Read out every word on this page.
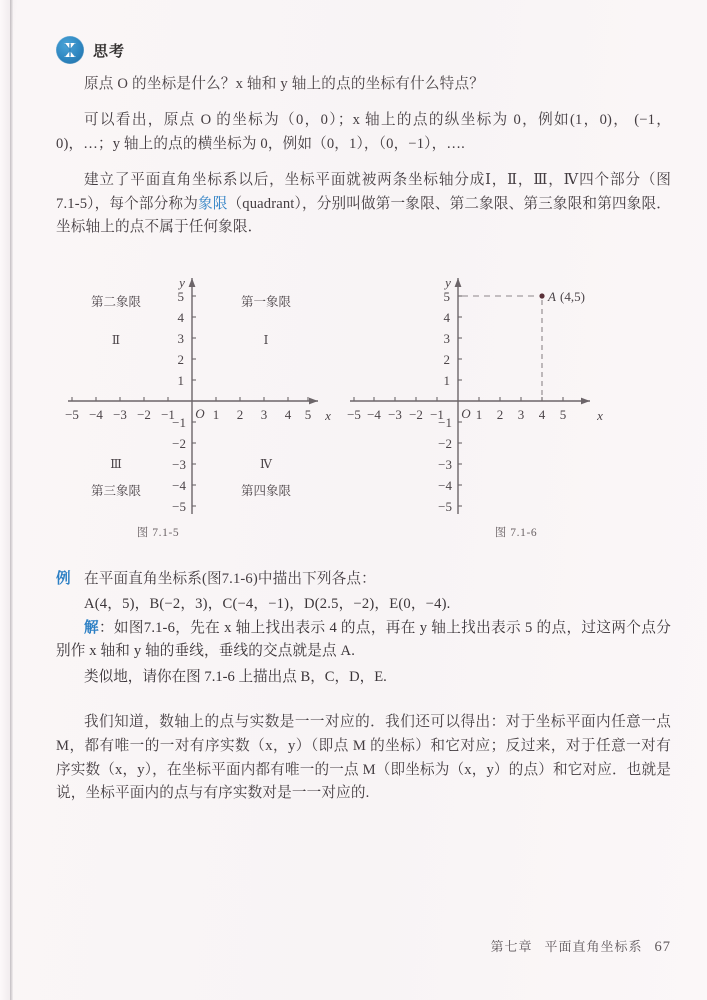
思考
原点 O 的坐标是什么？x 轴和 y 轴上的点的坐标有什么特点？

可以看出，原点 O 的坐标为（0，0）；x 轴上的点的纵坐标为 0，例如(1，0)， (−1，0)，…；y 轴上的点的横坐标为 0，例如（0，1），（0，−1），….

建立了平面直角坐标系以后，坐标平面就被两条坐标轴分成Ⅰ，Ⅱ，Ⅲ，Ⅳ四个部分（图 7.1-5），每个部分称为象限（quadrant），分别叫做第一象限、第二象限、第三象限和第四象限．坐标轴上的点不属于任何象限．

−5 −4 −3 −2 −1	1 2 3 4 5
5
4
3
2
1
−1
−2
−3
−4
−5
x
y
O
第二象限
Ⅱ
第一象限
Ⅰ
Ⅲ
第三象限
Ⅳ
第四象限
图 7.1-5
−5 −4 −3 −2 −1 1 2 3 4 5
5
4
3
2
1
−1
−2
−3
−4
−5
x
y
O
A (4,5)
图 7.1-6
例 在平面直角坐标系(图7.1-6)中描出下列各点：
A(4，5)，B(−2，3)，C(−4，−1)，D(2.5，−2)，E(0，−4).
解：如图7.1-6，先在 x 轴上找出表示 4 的点，再在 y 轴上找出表示 5 的点，过这两个点分别作 x 轴和 y 轴的垂线，垂线的交点就是点 A.
类似地，请你在图 7.1-6 上描出点 B，C，D，E.

我们知道，数轴上的点与实数是一一对应的．我们还可以得出：对于坐标平面内任意一点 M，都有唯一的一对有序实数（x，y）（即点 M 的坐标）和它对应；反过来，对于任意一对有序实数（x，y），在坐标平面内都有唯一的一点 M（即坐标为（x，y）的点）和它对应．也就是说，坐标平面内的点与有序实数对是一一对应的.

第七章 平面直角坐标系 67
